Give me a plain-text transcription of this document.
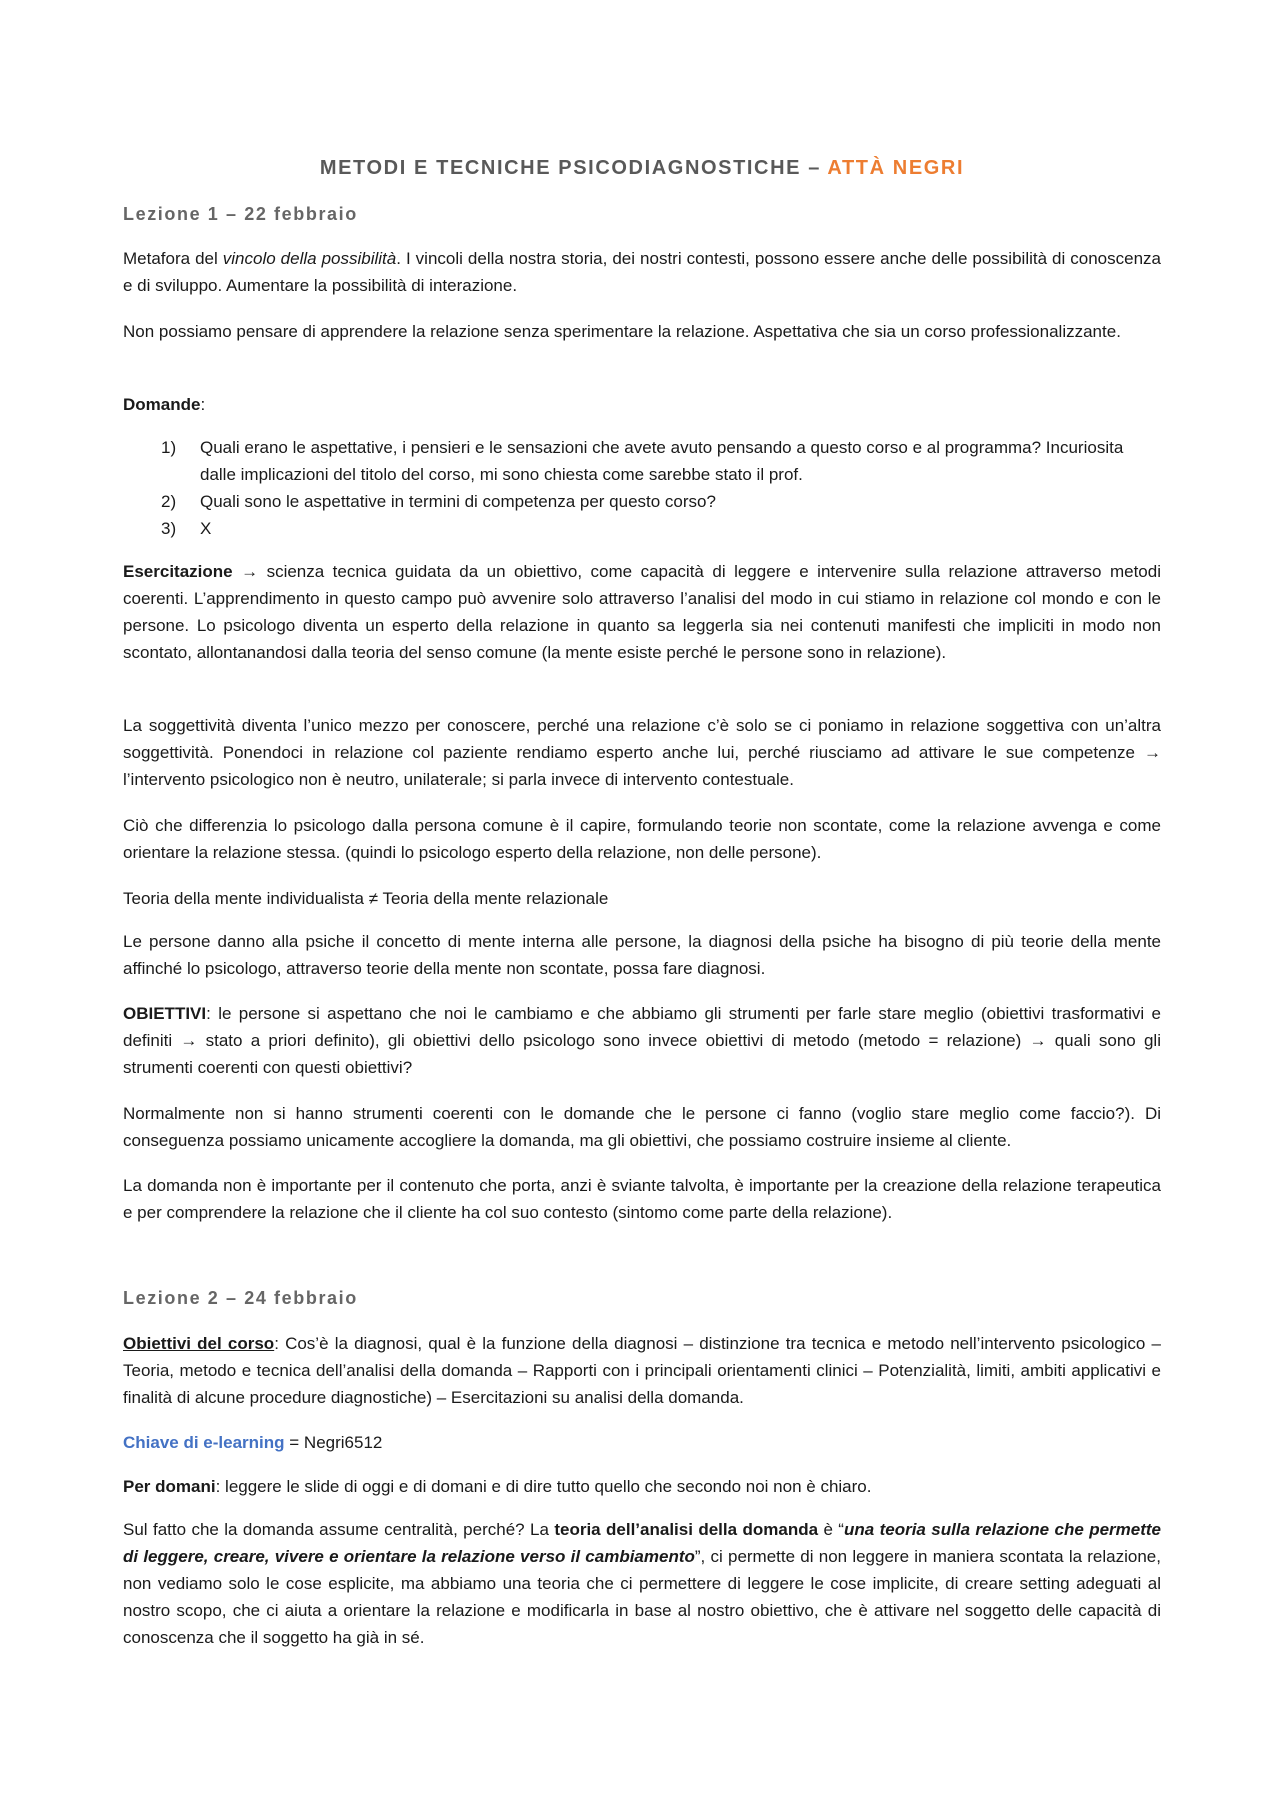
METODI E TECNICHE PSICODIAGNOSTICHE – ATTÀ NEGRI
Lezione 1 – 22 febbraio

Metafora del vincolo della possibilità. I vincoli della nostra storia, dei nostri contesti, possono essere anche delle possibilità di conoscenza e di sviluppo. Aumentare la possibilità di interazione.

Non possiamo pensare di apprendere la relazione senza sperimentare la relazione. Aspettativa che sia un corso professionalizzante.

Domande:

1) Quali erano le aspettative, i pensieri e le sensazioni che avete avuto pensando a questo corso e al programma? Incuriosita dalle implicazioni del titolo del corso, mi sono chiesta come sarebbe stato il prof.
2) Quali sono le aspettative in termini di competenza per questo corso?
3) X

Esercitazione → scienza tecnica guidata da un obiettivo, come capacità di leggere e intervenire sulla relazione attraverso metodi coerenti. L’apprendimento in questo campo può avvenire solo attraverso l’analisi del modo in cui stiamo in relazione col mondo e con le persone. Lo psicologo diventa un esperto della relazione in quanto sa leggerla sia nei contenuti manifesti che impliciti in modo non scontato, allontanandosi dalla teoria del senso comune (la mente esiste perché le persone sono in relazione).

La soggettività diventa l’unico mezzo per conoscere, perché una relazione c’è solo se ci poniamo in relazione soggettiva con un’altra soggettività. Ponendoci in relazione col paziente rendiamo esperto anche lui, perché riusciamo ad attivare le sue competenze → l’intervento psicologico non è neutro, unilaterale; si parla invece di intervento contestuale.

Ciò che differenzia lo psicologo dalla persona comune è il capire, formulando teorie non scontate, come la relazione avvenga e come orientare la relazione stessa. (quindi lo psicologo esperto della relazione, non delle persone).

Teoria della mente individualista ≠ Teoria della mente relazionale

Le persone danno alla psiche il concetto di mente interna alle persone, la diagnosi della psiche ha bisogno di più teorie della mente affinché lo psicologo, attraverso teorie della mente non scontate, possa fare diagnosi.

OBIETTIVI: le persone si aspettano che noi le cambiamo e che abbiamo gli strumenti per farle stare meglio (obiettivi trasformativi e definiti → stato a priori definito), gli obiettivi dello psicologo sono invece obiettivi di metodo (metodo = relazione) → quali sono gli strumenti coerenti con questi obiettivi?

Normalmente non si hanno strumenti coerenti con le domande che le persone ci fanno (voglio stare meglio come faccio?). Di conseguenza possiamo unicamente accogliere la domanda, ma gli obiettivi, che possiamo costruire insieme al cliente.

La domanda non è importante per il contenuto che porta, anzi è sviante talvolta, è importante per la creazione della relazione terapeutica e per comprendere la relazione che il cliente ha col suo contesto (sintomo come parte della relazione).

Lezione 2 – 24 febbraio

Obiettivi del corso: Cos’è la diagnosi, qual è la funzione della diagnosi – distinzione tra tecnica e metodo nell’intervento psicologico – Teoria, metodo e tecnica dell’analisi della domanda – Rapporti con i principali orientamenti clinici – Potenzialità, limiti, ambiti applicativi e finalità di alcune procedure diagnostiche) – Esercitazioni su analisi della domanda.

Chiave di e-learning = Negri6512

Per domani: leggere le slide di oggi e di domani e di dire tutto quello che secondo noi non è chiaro.

Sul fatto che la domanda assume centralità, perché? La teoria dell’analisi della domanda è “una teoria sulla relazione che permette di leggere, creare, vivere e orientare la relazione verso il cambiamento”, ci permette di non leggere in maniera scontata la relazione, non vediamo solo le cose esplicite, ma abbiamo una teoria che ci permettere di leggere le cose implicite, di creare setting adeguati al nostro scopo, che ci aiuta a orientare la relazione e modificarla in base al nostro obiettivo, che è attivare nel soggetto delle capacità di conoscenza che il soggetto ha già in sé.
